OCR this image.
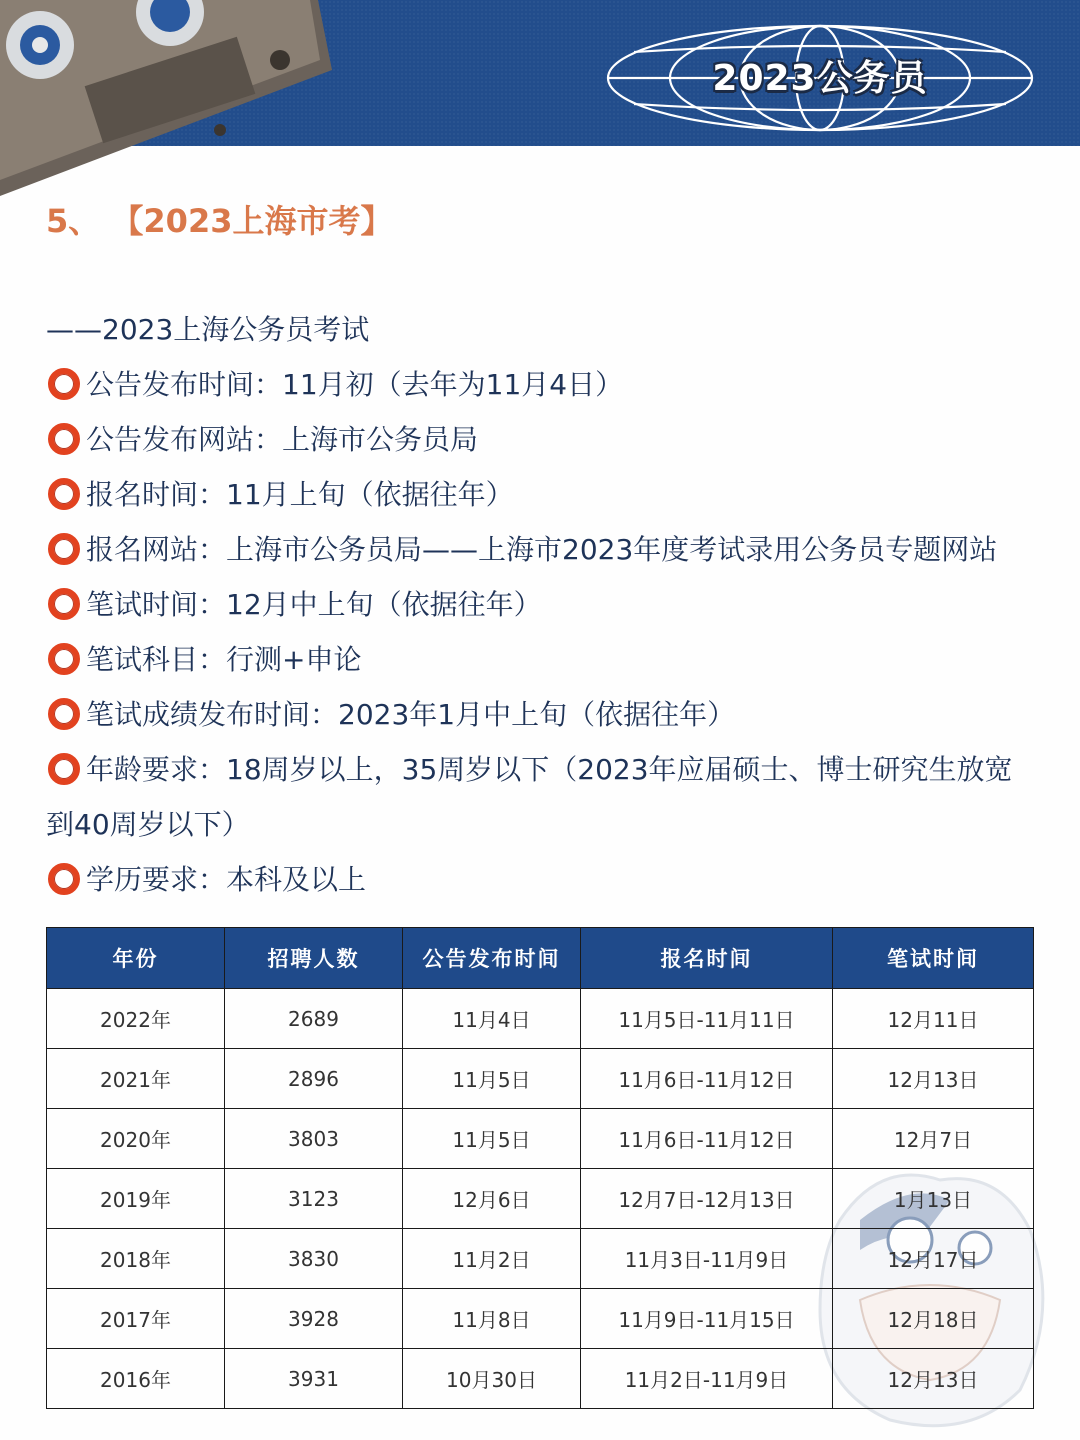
2023公务员
5、 【2023上海市考】

——2023上海公务员考试

公告发布时间：11月初（去年为11月4日）

公告发布网站：上海市公务员局

报名时间：11月上旬（依据往年）

报名网站：上海市公务员局——上海市2023年度考试录用公务员专题网站

笔试时间：12月中上旬（依据往年）

笔试科目：行测+申论

笔试成绩发布时间：2023年1月中上旬（依据往年）

年龄要求：18周岁以上，35周岁以下（2023年应届硕士、博士研究生放宽到40周岁以下）

学历要求：本科及以上

年份	招聘人数	公告发布时间	报名时间	笔试时间
2022年	2689	11月4日	11月5日-11月11日	12月11日
2021年	2896	11月5日	11月6日-11月12日	12月13日
2020年	3803	11月5日	11月6日-11月12日	12月7日
2019年	3123	12月6日	12月7日-12月13日	1月13日
2018年	3830	11月2日	11月3日-11月9日	12月17日
2017年	3928	11月8日	11月9日-11月15日	12月18日
2016年	3931	10月30日	11月2日-11月9日	12月13日
